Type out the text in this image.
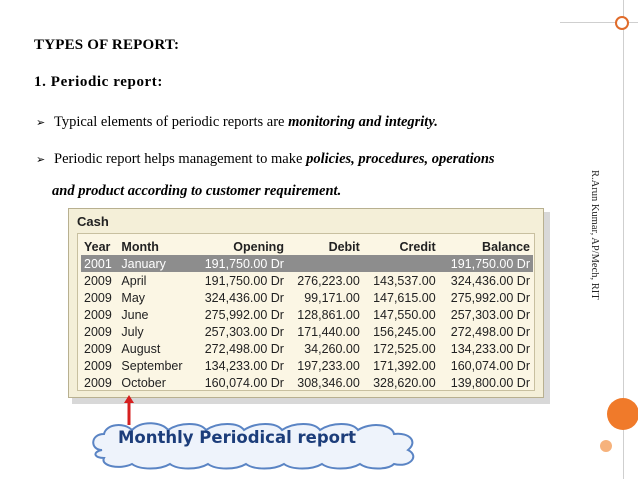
TYPES OF REPORT:
1. Periodic report:
➢ Typical elements of periodic reports are monitoring and integrity.
➢ Periodic report helps management to make policies, procedures, operations
and product according to customer requirement.	R.Arun Kumar, AP/Mech, RIT
Cash
Year	Month	Opening	Debit	Credit	Balance
2001	January	191,750.00 Dr			191,750.00 Dr
2009	April	191,750.00 Dr	276,223.00	143,537.00	324,436.00 Dr
2009	May	324,436.00 Dr	99,171.00	147,615.00	275,992.00 Dr
2009	June	275,992.00 Dr	128,861.00	147,550.00	257,303.00 Dr
2009	July	257,303.00 Dr	171,440.00	156,245.00	272,498.00 Dr
2009	August	272,498.00 Dr	34,260.00	172,525.00	134,233.00 Dr
2009	September	134,233.00 Dr	197,233.00	171,392.00	160,074.00 Dr
2009	October	160,074.00 Dr	308,346.00	328,620.00	139,800.00 Dr
Monthly Periodical report
